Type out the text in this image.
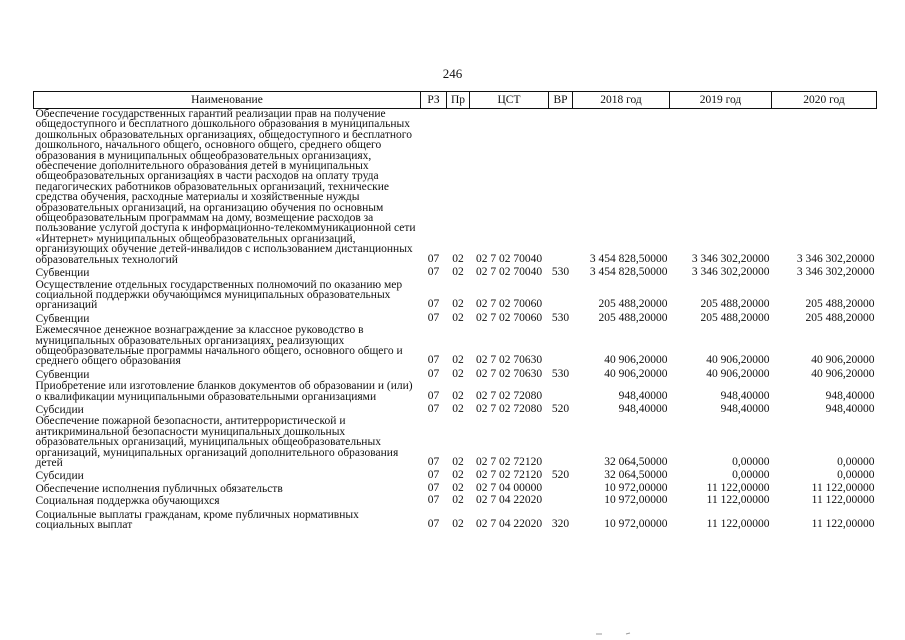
246
Наименование	РЗ	Пр	ЦСТ	ВР	2018 год	2019 год	2020 год
Обеспечение государственных гарантий реализации прав на получение общедоступного и бесплатного дошкольного образования в муниципальных дошкольных образовательных организациях, общедоступного и бесплатного дошкольного, начального общего, основного общего, среднего общего образования в муниципальных общеобразовательных организациях, обеспечение дополнительного образования детей в муниципальных общеобразовательных организациях в части расходов на оплату труда педагогических работников образовательных организаций, технические средства обучения, расходные материалы и хозяйственные нужды образовательных организаций, на организацию обучения по основным общеобразовательным программам на дому, возмещение расходов за пользование услугой доступа к информационно-телекоммуникационной сети «Интернет» муниципальных общеобразовательных организаций, организующих обучение детей-инвалидов с использованием дистанционных образовательных технологий	07	02	02 7 02 70040		3 454 828,50000	3 346 302,20000	3 346 302,20000
Субвенции	07	02	02 7 02 70040	530	3 454 828,50000	3 346 302,20000	3 346 302,20000
Осуществление отдельных государственных полномочий по оказанию мер социальной поддержки обучающимся муниципальных образовательных организаций	07	02	02 7 02 70060		205 488,20000	205 488,20000	205 488,20000
Субвенции	07	02	02 7 02 70060	530	205 488,20000	205 488,20000	205 488,20000
Ежемесячное денежное вознаграждение за классное руководство в муниципальных образовательных организациях, реализующих общеобразовательные программы начального общего, основного общего и среднего общего образования	07	02	02 7 02 70630		40 906,20000	40 906,20000	40 906,20000
Субвенции	07	02	02 7 02 70630	530	40 906,20000	40 906,20000	40 906,20000
Приобретение или изготовление бланков документов об образовании и (или) о квалификации муниципальными образовательными организациями	07	02	02 7 02 72080		948,40000	948,40000	948,40000
Субсидии	07	02	02 7 02 72080	520	948,40000	948,40000	948,40000
Обеспечение пожарной безопасности, антитеррористической и антикриминальной безопасности муниципальных дошкольных образовательных организаций, муниципальных общеобразовательных организаций, муниципальных организаций дополнительного образования детей	07	02	02 7 02 72120		32 064,50000	0,00000	0,00000
Субсидии	07	02	02 7 02 72120	520	32 064,50000	0,00000	0,00000
Обеспечение исполнения публичных обязательств	07	02	02 7 04 00000		10 972,00000	11 122,00000	11 122,00000
Социальная поддержка обучающихся	07	02	02 7 04 22020		10 972,00000	11 122,00000	11 122,00000
Социальные выплаты гражданам, кроме публичных нормативных социальных выплат	07	02	02 7 04 22020	320	10 972,00000	11 122,00000	11 122,00000
